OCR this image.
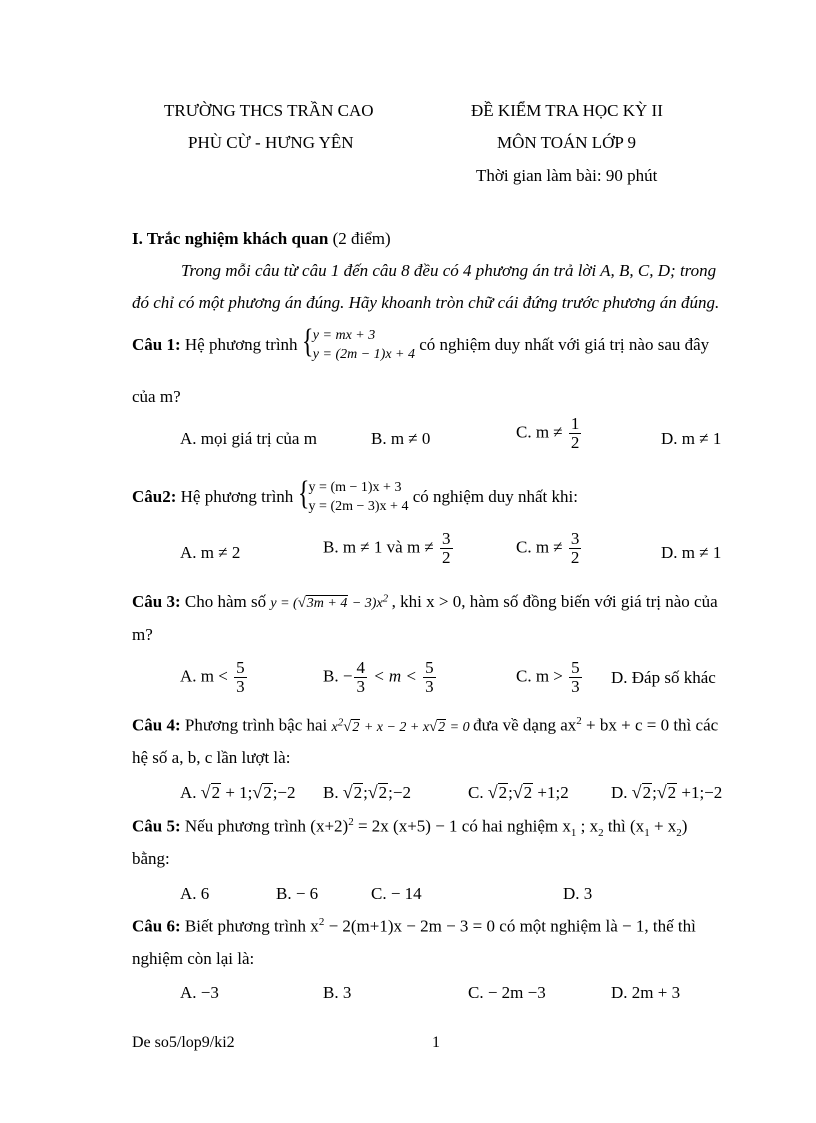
TRƯỜNG THCS TRẦN CAO
PHÙ CỪ - HƯNG YÊN
ĐỀ KIỂM TRA HỌC KỲ II
MÔN TOÁN LỚP 9
Thời gian làm bài: 90 phút
I. Trắc nghiệm khách quan (2 điểm)
Trong mỗi câu từ câu 1 đến câu 8 đều có 4 phương án trả lời A, B, C, D; trong
đó chỉ có một phương án đúng. Hãy khoanh tròn chữ cái đứng trước phương án đúng.
Câu 1: Hệ phương trình { y = mx + 3
y = (2m − 1)x + 4
có nghiệm duy nhất với giá trị nào sau đây
của m?
A. mọi giá trị của m	B. m ≠ 0	C. $m \ne \frac{1}{2}$	D. m ≠ 1
Câu2: Hệ phương trình { y = (m − 1)x + 3
y = (2m − 3)x + 4
có nghiệm duy nhất khi:
A. m ≠ 2	B. m ≠ 1 và $m \ne \frac{3}{2}$	C. $m \ne \frac{3}{2}$	D. m ≠ 1
Câu 3: Cho hàm số $y = (√3m + 4 - 3)x^2$ , khi x > 0, hàm số đồng biến với giá trị nào của
m?
A. $m < \frac{5}{3}$	B. − $\frac{4}{3} < m < \frac{5}{3}$	C. $m > \frac{5}{3} D$. Đáp số khác
Câu 4: Phương trình bậc hai $x^2√2 + x - 2 + x√2 = 0$ đưa về dạng $ax^2$ + bx + c = 0 thì các
hệ số a, b, c lần lượt là:
A. √2 + 1;√2;−2 B. √2;√2;−2	C. √2;√2 +1;2 D. √2;√2 +1;−2
Câu 5: Nếu phương trình $(x+2)^2 = 2x$ (x+5) − 1 có hai nghiệm $x_1$ ; $x_2$ thì $(x_1 + x_2)$
bằng:
A. 6	B. − 6	C. − 14	D. 3
Câu 6: Biết phương trình $x^2 - 2(m+1)x - 2m - 3 = 0$ có một nghiệm là − 1, thế thì
nghiệm còn lại là:
A. −3	B. 3	C. − 2m −3	D. 2m + 3
De so5/lop9/ki2	1
